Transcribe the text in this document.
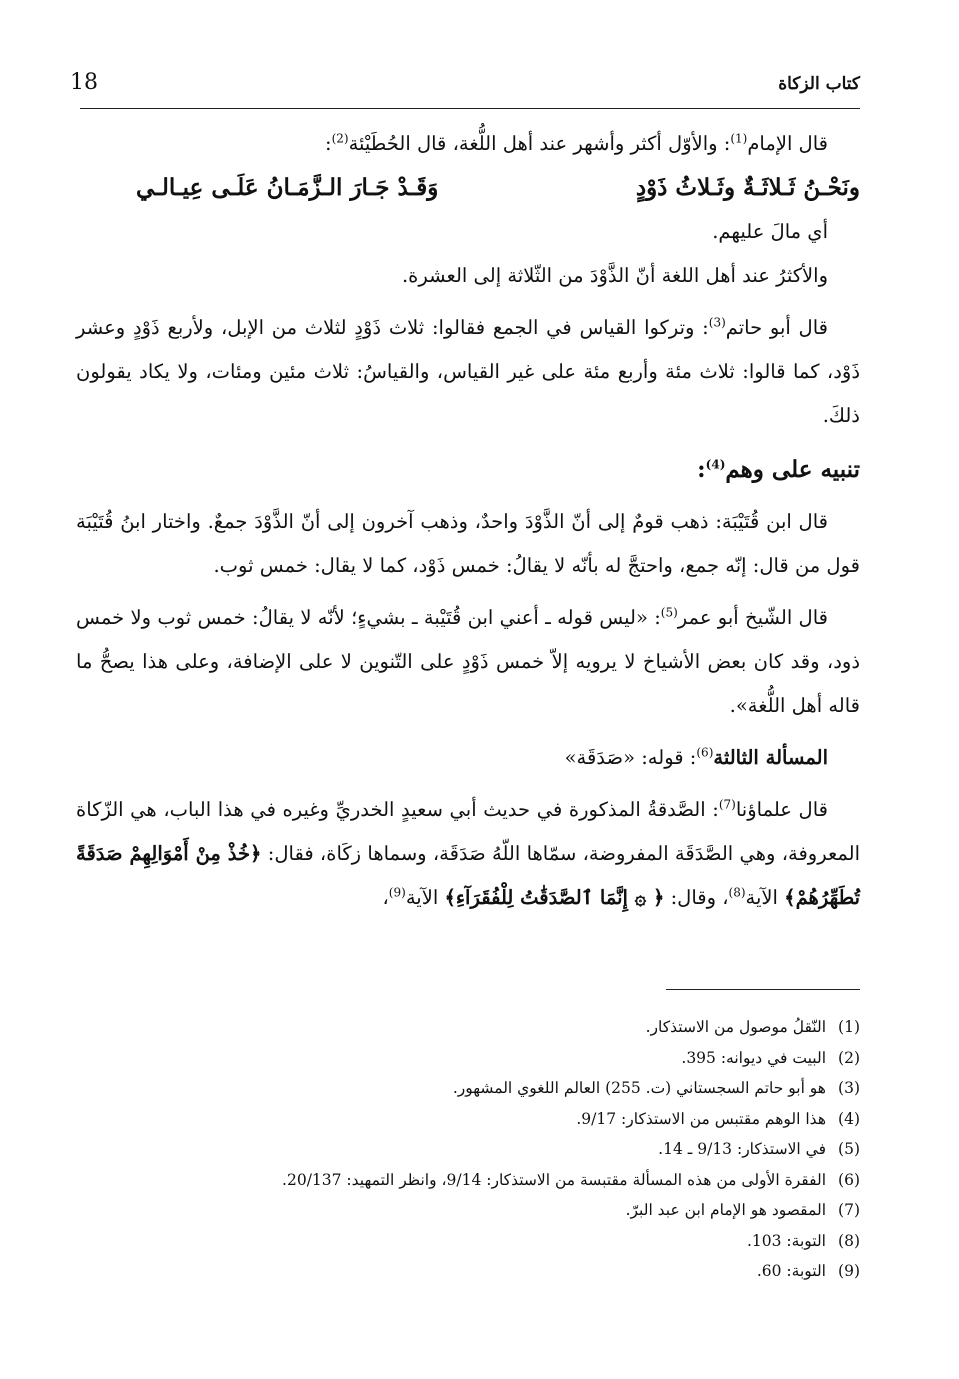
18	كتاب الزكاة

قال الإمام$^{(1)}$: والأوّل أكثر وأشهر عند أهل اللُّغة، قال الحُطَيْئة$^{(2)}$:

ونَحْـنُ ثَـلاثَـةٌ وثَـلاثُ ذَوْدٍ
وَقَـدْ جَـارَ الـزَّمَـانُ عَلَـى عِيـالـي

أي مالَ عليهم.

والأكثرُ عند أهل اللغة أنّ الذَّوْدَ من الثّلاثة إلى العشرة.

قال أبو حاتم$^{(3)}$: وتركوا القياس في الجمع فقالوا: ثلاث ذَوْدٍ لثلاث من الإبل، ولأربع ذَوْدٍ وعشر ذَوْد، كما قالوا: ثلاث مئة وأربع مئة على غير القياس، والقياسُ: ثلاث مئين ومئات، ولا يكاد يقولون ذلكَ.

تنبيه على وهم$^{(4)}$:

قال ابن قُتَيْبَة: ذهب قومٌ إلى أنّ الذَّوْدَ واحدٌ، وذهب آخرون إلى أنّ الذَّوْدَ جمعٌ. واختار ابنُ قُتَيْبَة قول من قال: إنّه جمع، واحتجَّ له بأنّه لا يقالُ: خمس ذَوْد، كما لا يقال: خمس ثوب.

قال الشّيخ أبو عمر$^{(5)}$: «ليس قوله ـ أعني ابن قُتَيْبة ـ بشيءٍ؛ لأنّه لا يقالُ: خمس ثوب ولا خمس ذود، وقد كان بعض الأشياخ لا يرويه إلاّ خمس ذَوْدٍ على التّنوين لا على الإضافة، وعلى هذا يصحُّ ما قاله أهل اللُّغة».

المسألة الثالثة$^{(6)}$: قوله: «صَدَقَة»

قال علماؤنا$^{(7)}$: الصَّدقةُ المذكورة في حديث أبي سعيدٍ الخدريِّ وغيره في هذا الباب، هي الزّكاة المعروفة، وهي الصَّدَقَة المفروضة، سمّاها اللّهُ صَدَقَة، وسماها زكَاة، فقال: ﴿خُذْ مِنْ أَمْوَالِهِمْ صَدَقَةً تُطَهِّرُهُمْ﴾ الآية$^{(8)}$، وقال: ﴿ ۞ إِنَّمَا ٱلصَّدَقَٰتُ لِلْفُقَرَآءِ﴾ الآية$^{(9)}$،

(1)
النّقلُ موصول من الاستذكار.
(2)
البيت في ديوانه: 395.
(3)
هو أبو حاتم السجستاني (ت. 255) العالم اللغوي المشهور.
(4)
هذا الوهم مقتبس من الاستذكار: 9/17.
(5)
في الاستذكار: 9/13 ـ 14.
(6)
الفقرة الأولى من هذه المسألة مقتبسة من الاستذكار: 9/14، وانظر التمهيد: 20/137.
(7)
المقصود هو الإمام ابن عبد البرّ.
(8)
التوبة: 103.
(9)
التوبة: 60.
